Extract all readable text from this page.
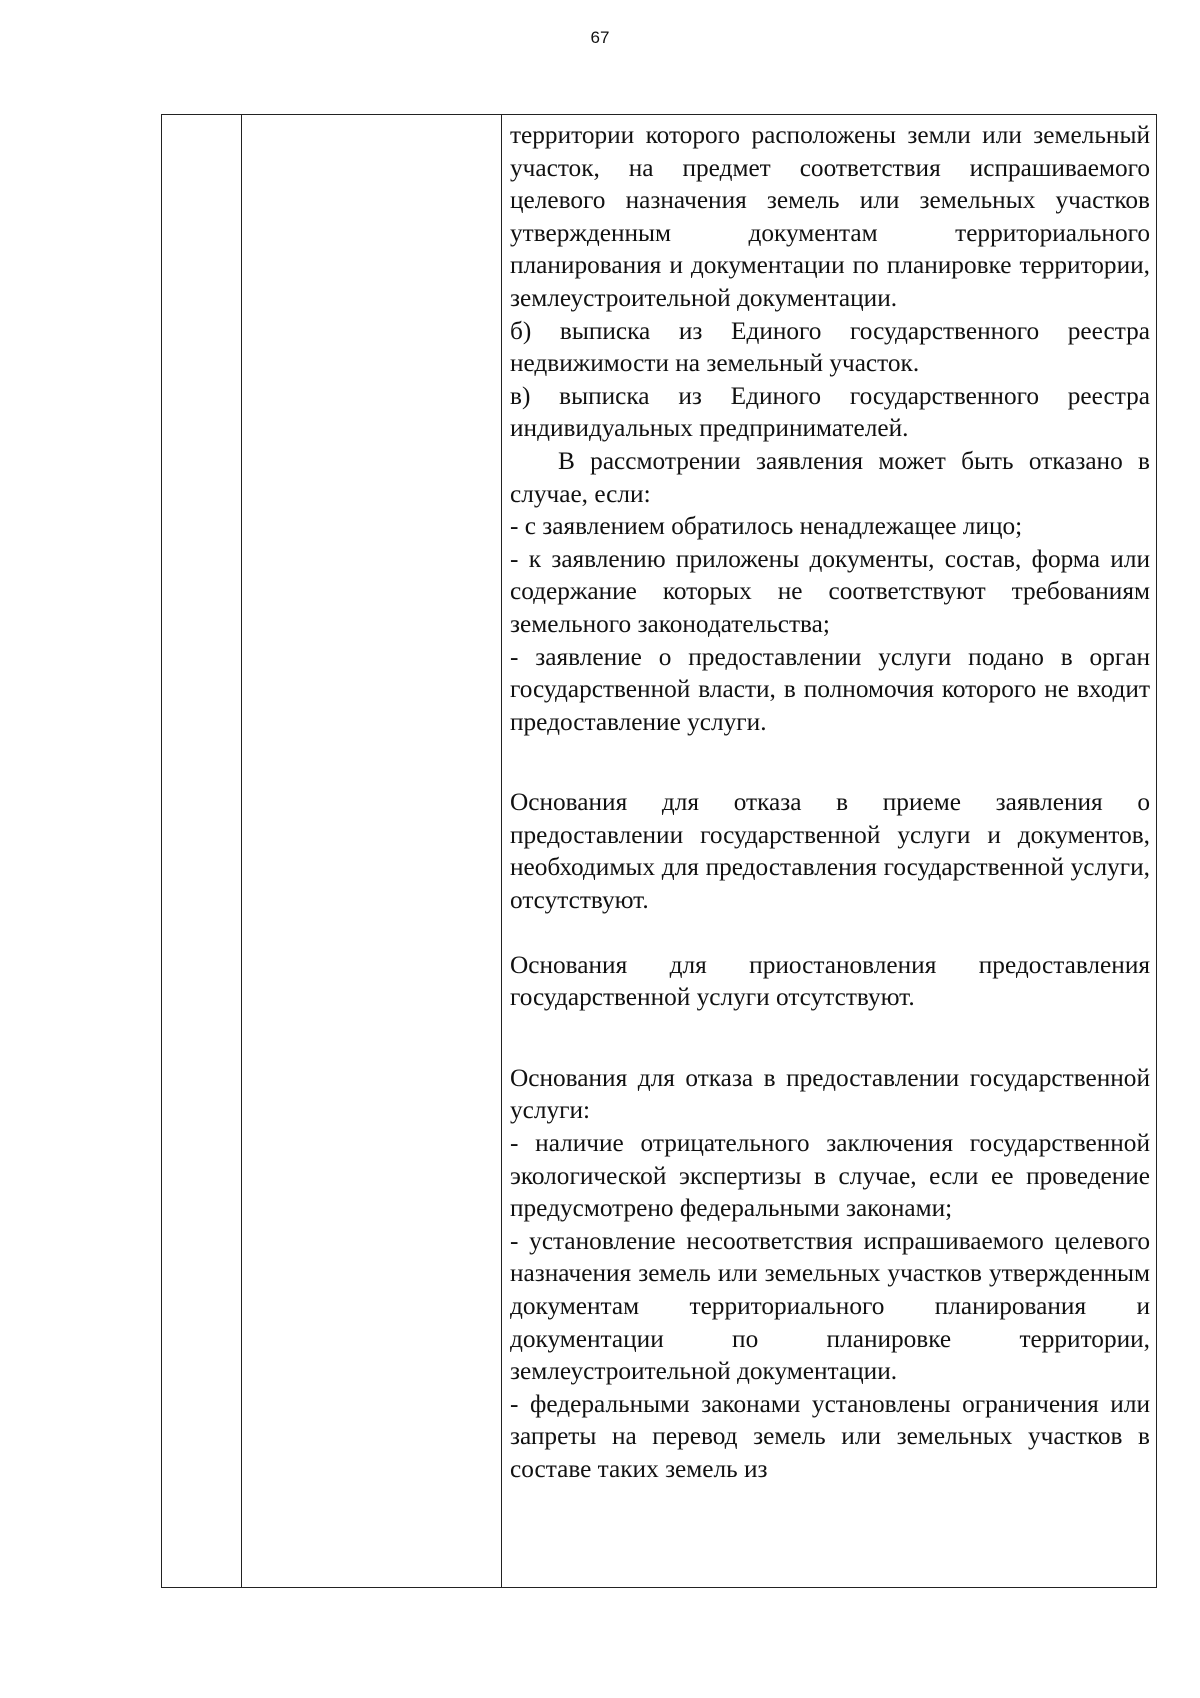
67

территории которого расположены земли или земельный участок, на предмет соответствия испрашиваемого целевого назначения земель или земельных участков утвержденным документам территориального планирования и документации по планировке территории, землеустроительной документации.

б) выписка из Единого государственного реестра недвижимости на земельный участок.

в) выписка из Единого государственного реестра индивидуальных предпринимателей.

В рассмотрении заявления может быть отказано в случае, если:

- с заявлением обратилось ненадлежащее лицо;

- к заявлению приложены документы, состав, форма или содержание которых не соответствуют требованиям земельного законодательства;

- заявление о предоставлении услуги подано в орган государственной власти, в полномочия которого не входит предоставление услуги.

Основания для отказа в приеме заявления о предоставлении государственной услуги и документов, необходимых для предоставления государственной услуги, отсутствуют.

Основания для приостановления предоставления государственной услуги отсутствуют.

Основания для отказа в предоставлении государственной услуги:

- наличие отрицательного заключения государственной экологической экспертизы в случае, если ее проведение предусмотрено федеральными законами;

- установление несоответствия испрашиваемого целевого назначения земель или земельных участков утвержденным документам территориального планирования и документации по планировке территории, землеустроительной документации.

- федеральными законами установлены ограничения или запреты на перевод земель или земельных участков в составе таких земель из
